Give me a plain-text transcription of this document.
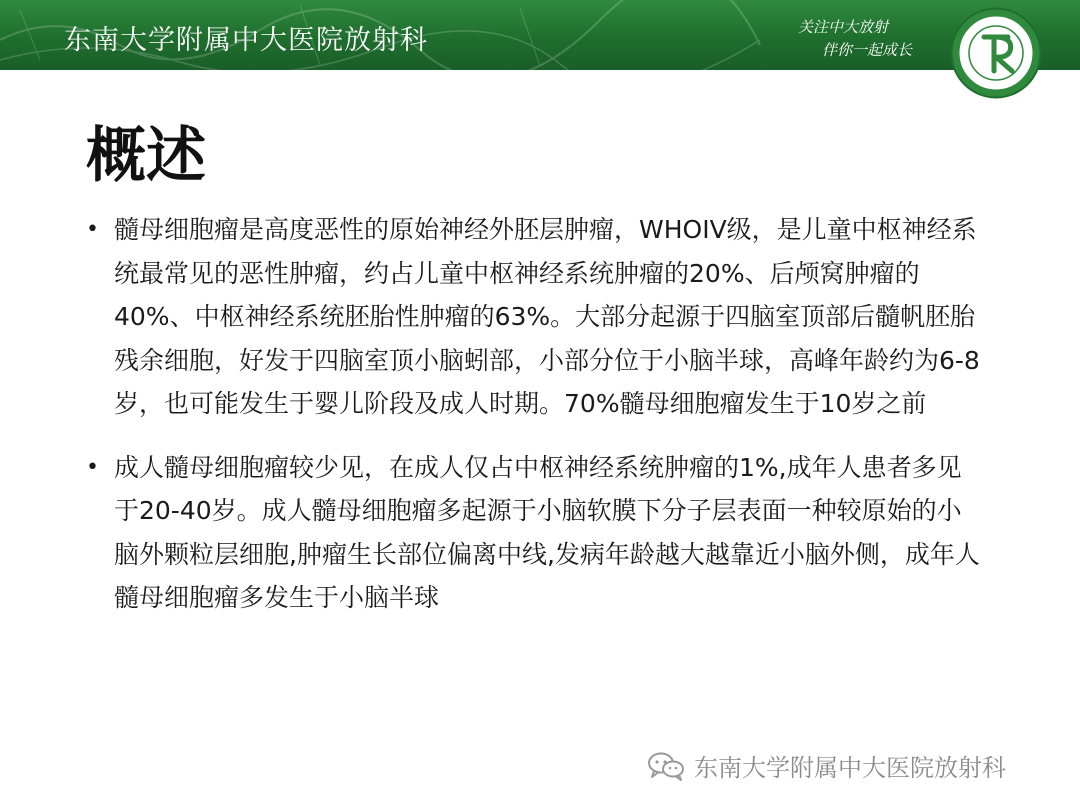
东南大学附属中大医院放射科	关注中大放射
伴你一起成长
概述
• 髓母细胞瘤是高度恶性的原始神经外胚层肿瘤，WHOIV级，是儿童中枢神经系统最常见的恶性肿瘤，约占儿童中枢神经系统肿瘤的20%、后颅窝肿瘤的40%、中枢神经系统胚胎性肿瘤的63%。大部分起源于四脑室顶部后髓帆胚胎残余细胞，好发于四脑室顶小脑蚓部，小部分位于小脑半球，高峰年龄约为6-8岁，也可能发生于婴儿阶段及成人时期。70%髓母细胞瘤发生于10岁之前
• 成人髓母细胞瘤较少见，在成人仅占中枢神经系统肿瘤的1%,成年人患者多见于20-40岁。成人髓母细胞瘤多起源于小脑软膜下分子层表面一种较原始的小脑外颗粒层细胞,肿瘤生长部位偏离中线,发病年龄越大越靠近小脑外侧，成年人髓母细胞瘤多发生于小脑半球
东南大学附属中大医院放射科
